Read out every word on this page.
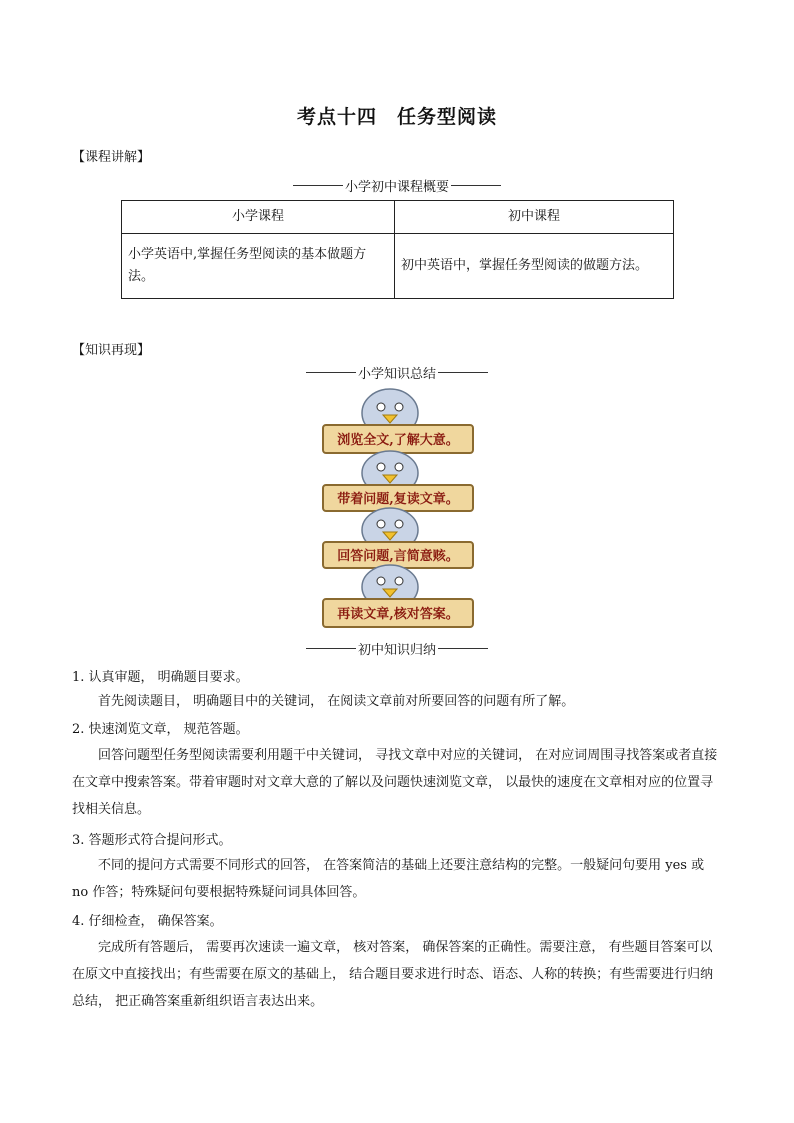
考点十四　任务型阅读
【课程讲解】
小学初中课程概要
小学课程	初中课程
小学英语中,掌握任务型阅读的基本做题方法。	初中英语中，掌握任务型阅读的做题方法。
【知识再现】
小学知识总结
浏览全文,了解大意。
带着问题,复读文章。
回答问题,言简意赅。
再读文章,核对答案。
初中知识归纳
1. 认真审题， 明确题目要求。
首先阅读题目， 明确题目中的关键词， 在阅读文章前对所要回答的问题有所了解。
2. 快速浏览文章， 规范答题。
回答问题型任务型阅读需要利用题干中关键词， 寻找文章中对应的关键词， 在对应词周围寻找答案或者直接在文章中搜索答案。带着审题时对文章大意的了解以及问题快速浏览文章， 以最快的速度在文章相对应的位置寻找相关信息。
3. 答题形式符合提问形式。
不同的提问方式需要不同形式的回答， 在答案简洁的基础上还要注意结构的完整。一般疑问句要用 yes 或 no 作答；特殊疑问句要根据特殊疑问词具体回答。
4. 仔细检查， 确保答案。
完成所有答题后， 需要再次速读一遍文章， 核对答案， 确保答案的正确性。需要注意， 有些题目答案可以在原文中直接找出；有些需要在原文的基础上， 结合题目要求进行时态、语态、人称的转换；有些需要进行归纳总结， 把正确答案重新组织语言表达出来。
